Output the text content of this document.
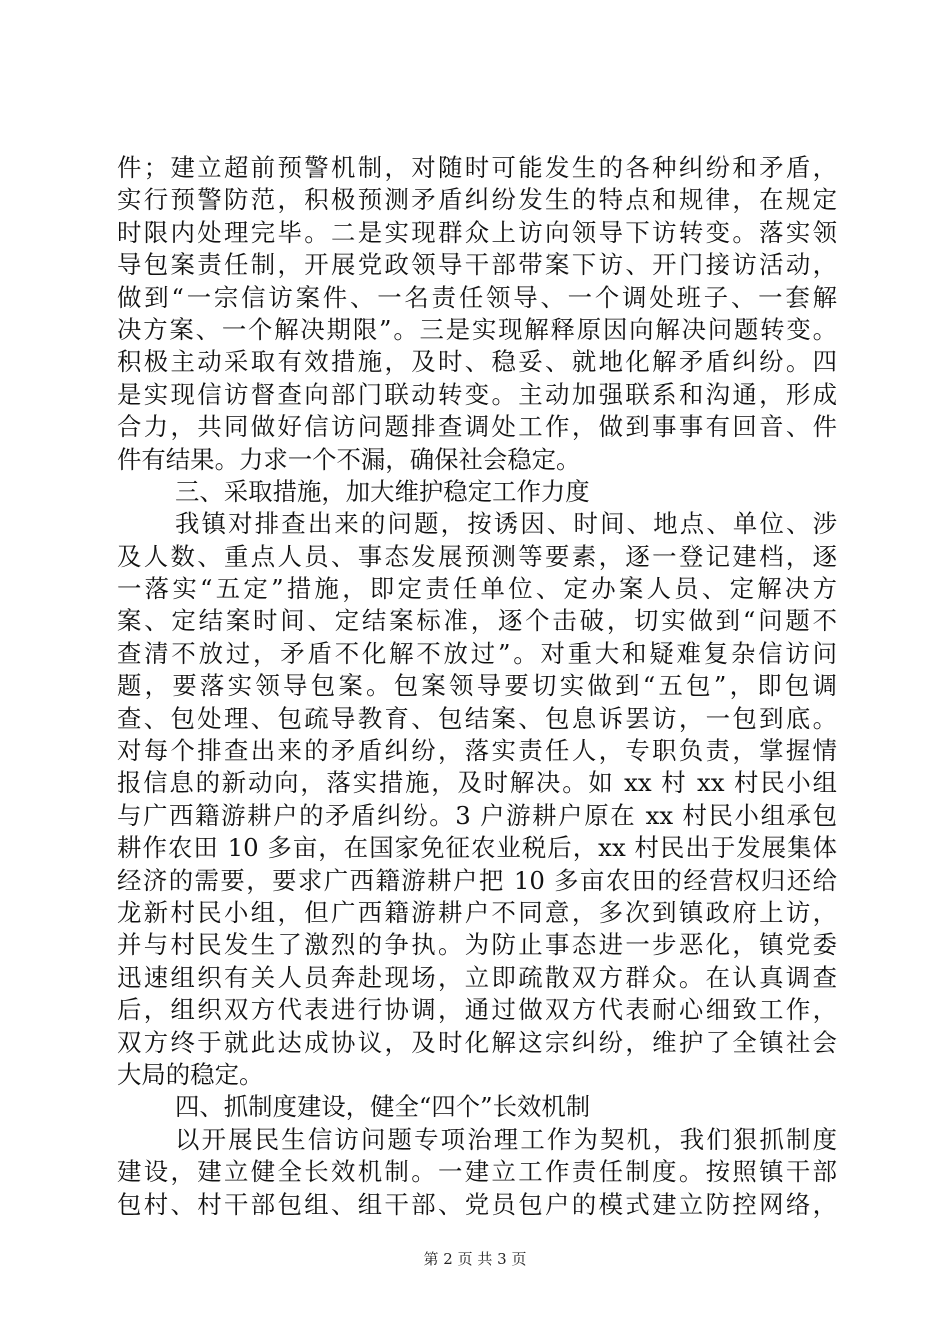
件；建立超前预警机制，对随时可能发生的各种纠纷和矛盾，
实行预警防范，积极预测矛盾纠纷发生的特点和规律，在规定
时限内处理完毕。二是实现群众上访向领导下访转变。落实领
导包案责任制，开展党政领导干部带案下访、开门接访活动，
做到“一宗信访案件、一名责任领导、一个调处班子、一套解
决方案、一个解决期限”。三是实现解释原因向解决问题转变。
积极主动采取有效措施，及时、稳妥、就地化解矛盾纠纷。四
是实现信访督查向部门联动转变。主动加强联系和沟通，形成
合力，共同做好信访问题排查调处工作，做到事事有回音、件
件有结果。力求一个不漏，确保社会稳定。
三、采取措施，加大维护稳定工作力度
我镇对排查出来的问题，按诱因、时间、地点、单位、涉
及人数、重点人员、事态发展预测等要素，逐一登记建档，逐
一落实“五定”措施，即定责任单位、定办案人员、定解决方
案、定结案时间、定结案标准，逐个击破，切实做到“问题不
查清不放过，矛盾不化解不放过”。对重大和疑难复杂信访问
题，要落实领导包案。包案领导要切实做到“五包”，即包调
查、包处理、包疏导教育、包结案、包息诉罢访，一包到底。
对每个排查出来的矛盾纠纷，落实责任人，专职负责，掌握情
报信息的新动向，落实措施，及时解决。如 xx 村 xx 村民小组
与广西籍游耕户的矛盾纠纷。3 户游耕户原在 xx 村民小组承包
耕作农田 10 多亩，在国家免征农业税后，xx 村民出于发展集体
经济的需要，要求广西籍游耕户把 10 多亩农田的经营权归还给
龙新村民小组，但广西籍游耕户不同意，多次到镇政府上访，
并与村民发生了激烈的争执。为防止事态进一步恶化，镇党委
迅速组织有关人员奔赴现场，立即疏散双方群众。在认真调查
后，组织双方代表进行协调，通过做双方代表耐心细致工作，
双方终于就此达成协议，及时化解这宗纠纷，维护了全镇社会
大局的稳定。
四、抓制度建设，健全“四个”长效机制
以开展民生信访问题专项治理工作为契机，我们狠抓制度
建设，建立健全长效机制。一建立工作责任制度。按照镇干部
包村、村干部包组、组干部、党员包户的模式建立防控网络，
第 2 页 共 3 页
